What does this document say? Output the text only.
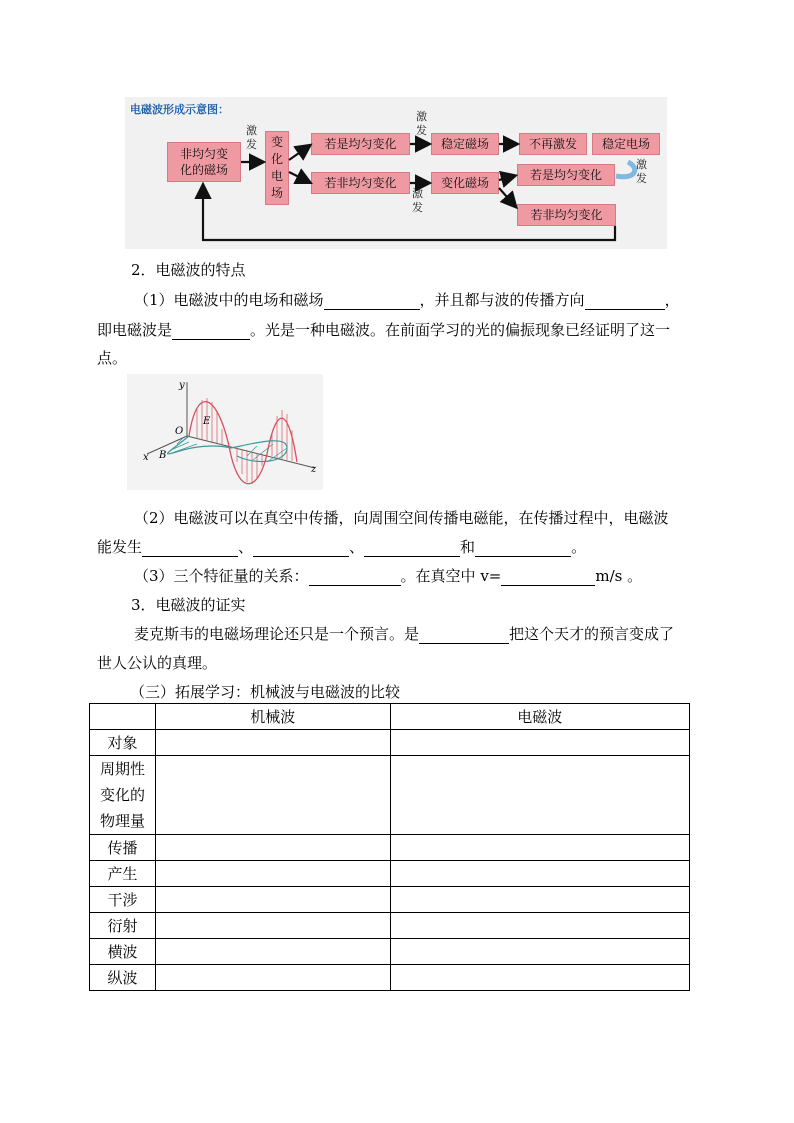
电磁波形成示意图：
非均匀变
化的磁场
激
发 变
化
电
场
若是均匀变化
若非均匀变化
激
发
激
发
稳定磁场	不再激发	稳定电场
变化磁场
若是均匀变化
激
发
若非均匀变化
2．电磁波的特点
（1）电磁波中的电场和磁场	，并且都与波的传播方向	，
即电磁波是	。光是一种电磁波。在前面学习的光的偏振现象已经证明了这一
点。
y
O
E
B
x
z
（2）电磁波可以在真空中传播，向周围空间传播电磁能，在传播过程中，电磁波
能发生	、	、	和	。
（3）三个特征量的关系：	。在真空中 v=	m/s 。
3．电磁波的证实
麦克斯韦的电磁场理论还只是一个预言。是	把这个天才的预言变成了
世人公认的真理。
（三）拓展学习：机械波与电磁波的比较
	机械波	电磁波
对象		

周期性
变化的
物理量		

传播		
产生		
干涉		
衍射		
横波		
纵波		
